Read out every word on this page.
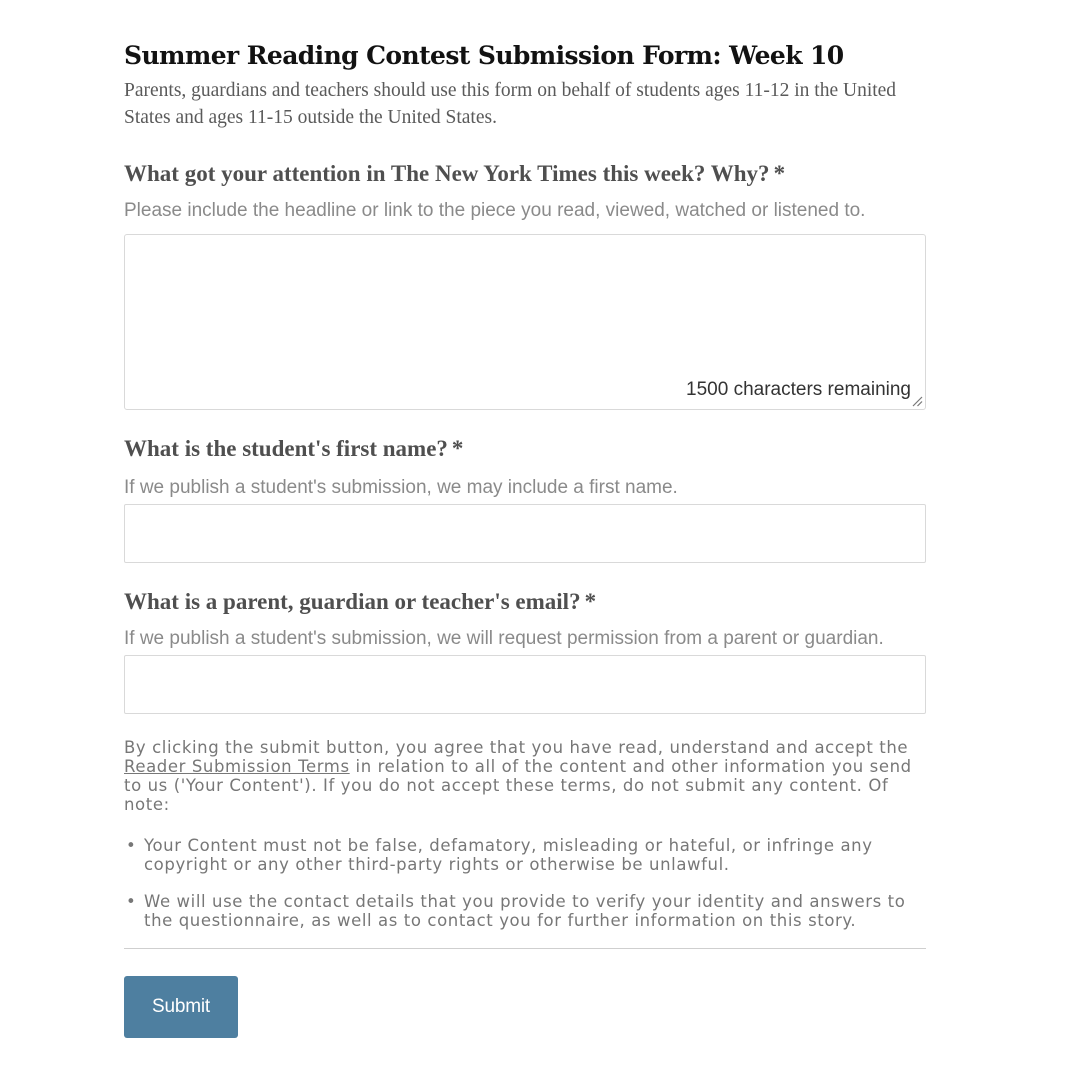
Summer Reading Contest Submission Form: Week 10

Parents, guardians and teachers should use this form on behalf of students ages 11-12 in the United States and ages 11-15 outside the United States.

What got your attention in The New York Times this week? Why? *

Please include the headline or link to the piece you read, viewed, watched or listened to.

1500 characters remaining
What is the student's first name? *

If we publish a student's submission, we may include a first name.

What is a parent, guardian or teacher's email? *

If we publish a student's submission, we will request permission from a parent or guardian.

By clicking the submit button, you agree that you have read, understand and accept the Reader Submission Terms in relation to all of the content and other information you send to us ('Your Content'). If you do not accept these terms, do not submit any content. Of note:

• Your Content must not be false, defamatory, misleading or hateful, or infringe any copyright or any other third-party rights or otherwise be unlawful.
• We will use the contact details that you provide to verify your identity and answers to the questionnaire, as well as to contact you for further information on this story.
Submit
